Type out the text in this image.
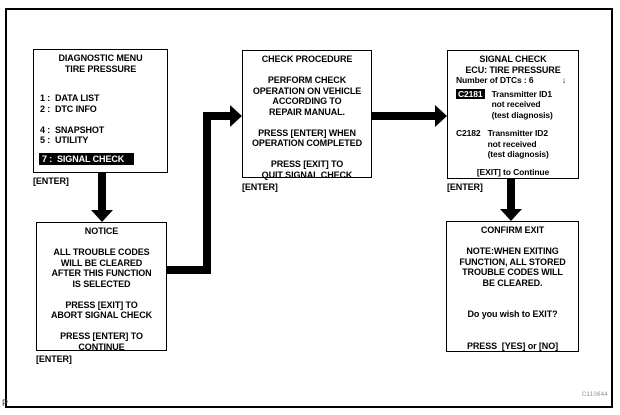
DIAGNOSTIC MENU
TIRE PRESSURE
1 :  DATA LIST
2 :  DTC INFO
4 :  SNAPSHOT
5 :  UTILITY
7 :  SIGNAL CHECK
[ENTER]
NOTICE
ALL TROUBLE CODES
WILL BE CLEARED
AFTER THIS FUNCTION
IS SELECTED
PRESS [EXIT] TO
ABORT SIGNAL CHECK
PRESS [ENTER] TO
CONTINUE
[ENTER]
CHECK PROCEDURE
PERFORM CHECK
OPERATION ON VEHICLE
ACCORDING TO
REPAIR MANUAL.
PRESS [ENTER] WHEN
OPERATION COMPLETED
PRESS [EXIT] TO
QUIT SIGNAL CHECK
[ENTER]
SIGNAL CHECK
ECU: TIRE PRESSURE
Number of DTCs : 6	↓
C2181 Transmitter ID1
not received
(test diagnosis)
C2182 Transmitter ID2
not received
(test diagnosis)
[EXIT] to Continue
[ENTER]
CONFIRM EXIT
NOTE:WHEN EXITING
FUNCTION, ALL STORED
TROUBLE CODES WILL
BE CLEARED.
Do you wish to EXIT?
PRESS  [YES] or [NO]
C110644
P
